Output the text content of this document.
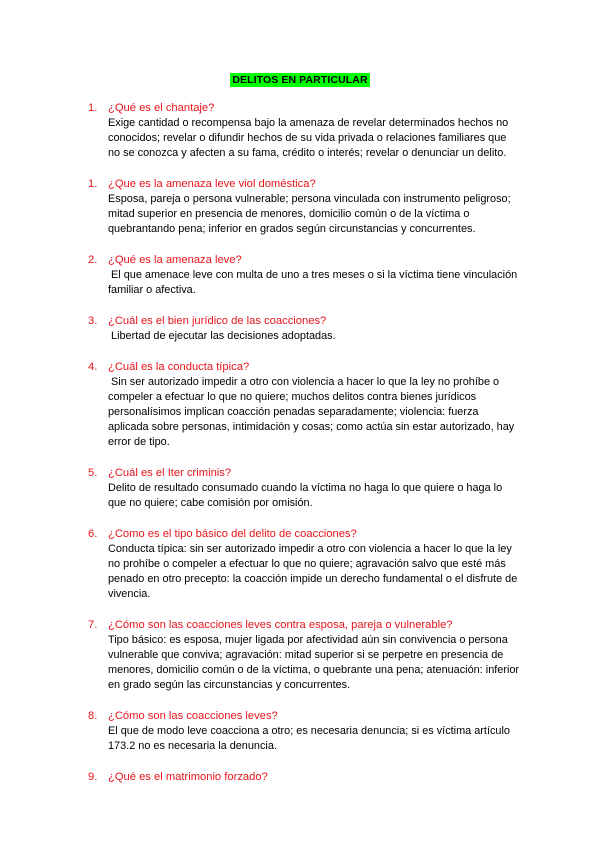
DELITOS EN PARTICULAR
1. ¿Qué es el chantaje?
Exige cantidad o recompensa bajo la amenaza de revelar determinados hechos no
conocidos; revelar o difundir hechos de su vida privada o relaciones familiares que
no se conozca y afecten a su fama, crédito o interés; revelar o denunciar un delito.
1. ¿Que es la amenaza leve viol doméstica?
Esposa, pareja o persona vulnerable; persona vinculada con instrumento peligroso;
mitad superior en presencia de menores, domicilio común o de la víctima o
quebrantando pena; inferior en grados según circunstancias y concurrentes.
2. ¿Qué es la amenaza leve?
El que amenace leve con multa de uno a tres meses o si la víctima tiene vinculación
familiar o afectiva.
3. ¿Cuál es el bien jurídico de las coacciones?
Libertad de ejecutar las decisiones adoptadas.
4. ¿Cuál es la conducta típica?
Sin ser autorizado impedir a otro con violencia a hacer lo que la ley no prohíbe o
compeler a efectuar lo que no quiere; muchos delitos contra bienes jurídicos
personalísimos implican coacción penadas separadamente; violencia: fuerza
aplicada sobre personas, intimidación y cosas; como actúa sin estar autorizado, hay
error de tipo.
5. ¿Cuál es el Iter criminis?
Delito de resultado consumado cuando la víctima no haga lo que quiere o haga lo
que no quiere; cabe comisión por omisión.
6. ¿Como es el tipo básico del delito de coacciones?
Conducta típica: sin ser autorizado impedir a otro con violencia a hacer lo que la ley
no prohíbe o compeler a efectuar lo que no quiere; agravación salvo que esté más
penado en otro precepto: la coacción impide un derecho fundamental o el disfrute de
vivencia.
7. ¿Cómo son las coacciones leves contra esposa, pareja o vulnerable?
Tipo básico: es esposa, mujer ligada por afectividad aún sin convivencia o persona
vulnerable que conviva; agravación: mitad superior si se perpetre en presencia de
menores, domicilio común o de la víctima, o quebrante una pena; atenuación: inferior
en grado según las circunstancias y concurrentes.
8. ¿Cómo son las coacciones leves?
El que de modo leve coacciona a otro; es necesaria denuncia; si es víctima artículo
173.2 no es necesaria la denuncia.
9. ¿Qué es el matrimonio forzado?
